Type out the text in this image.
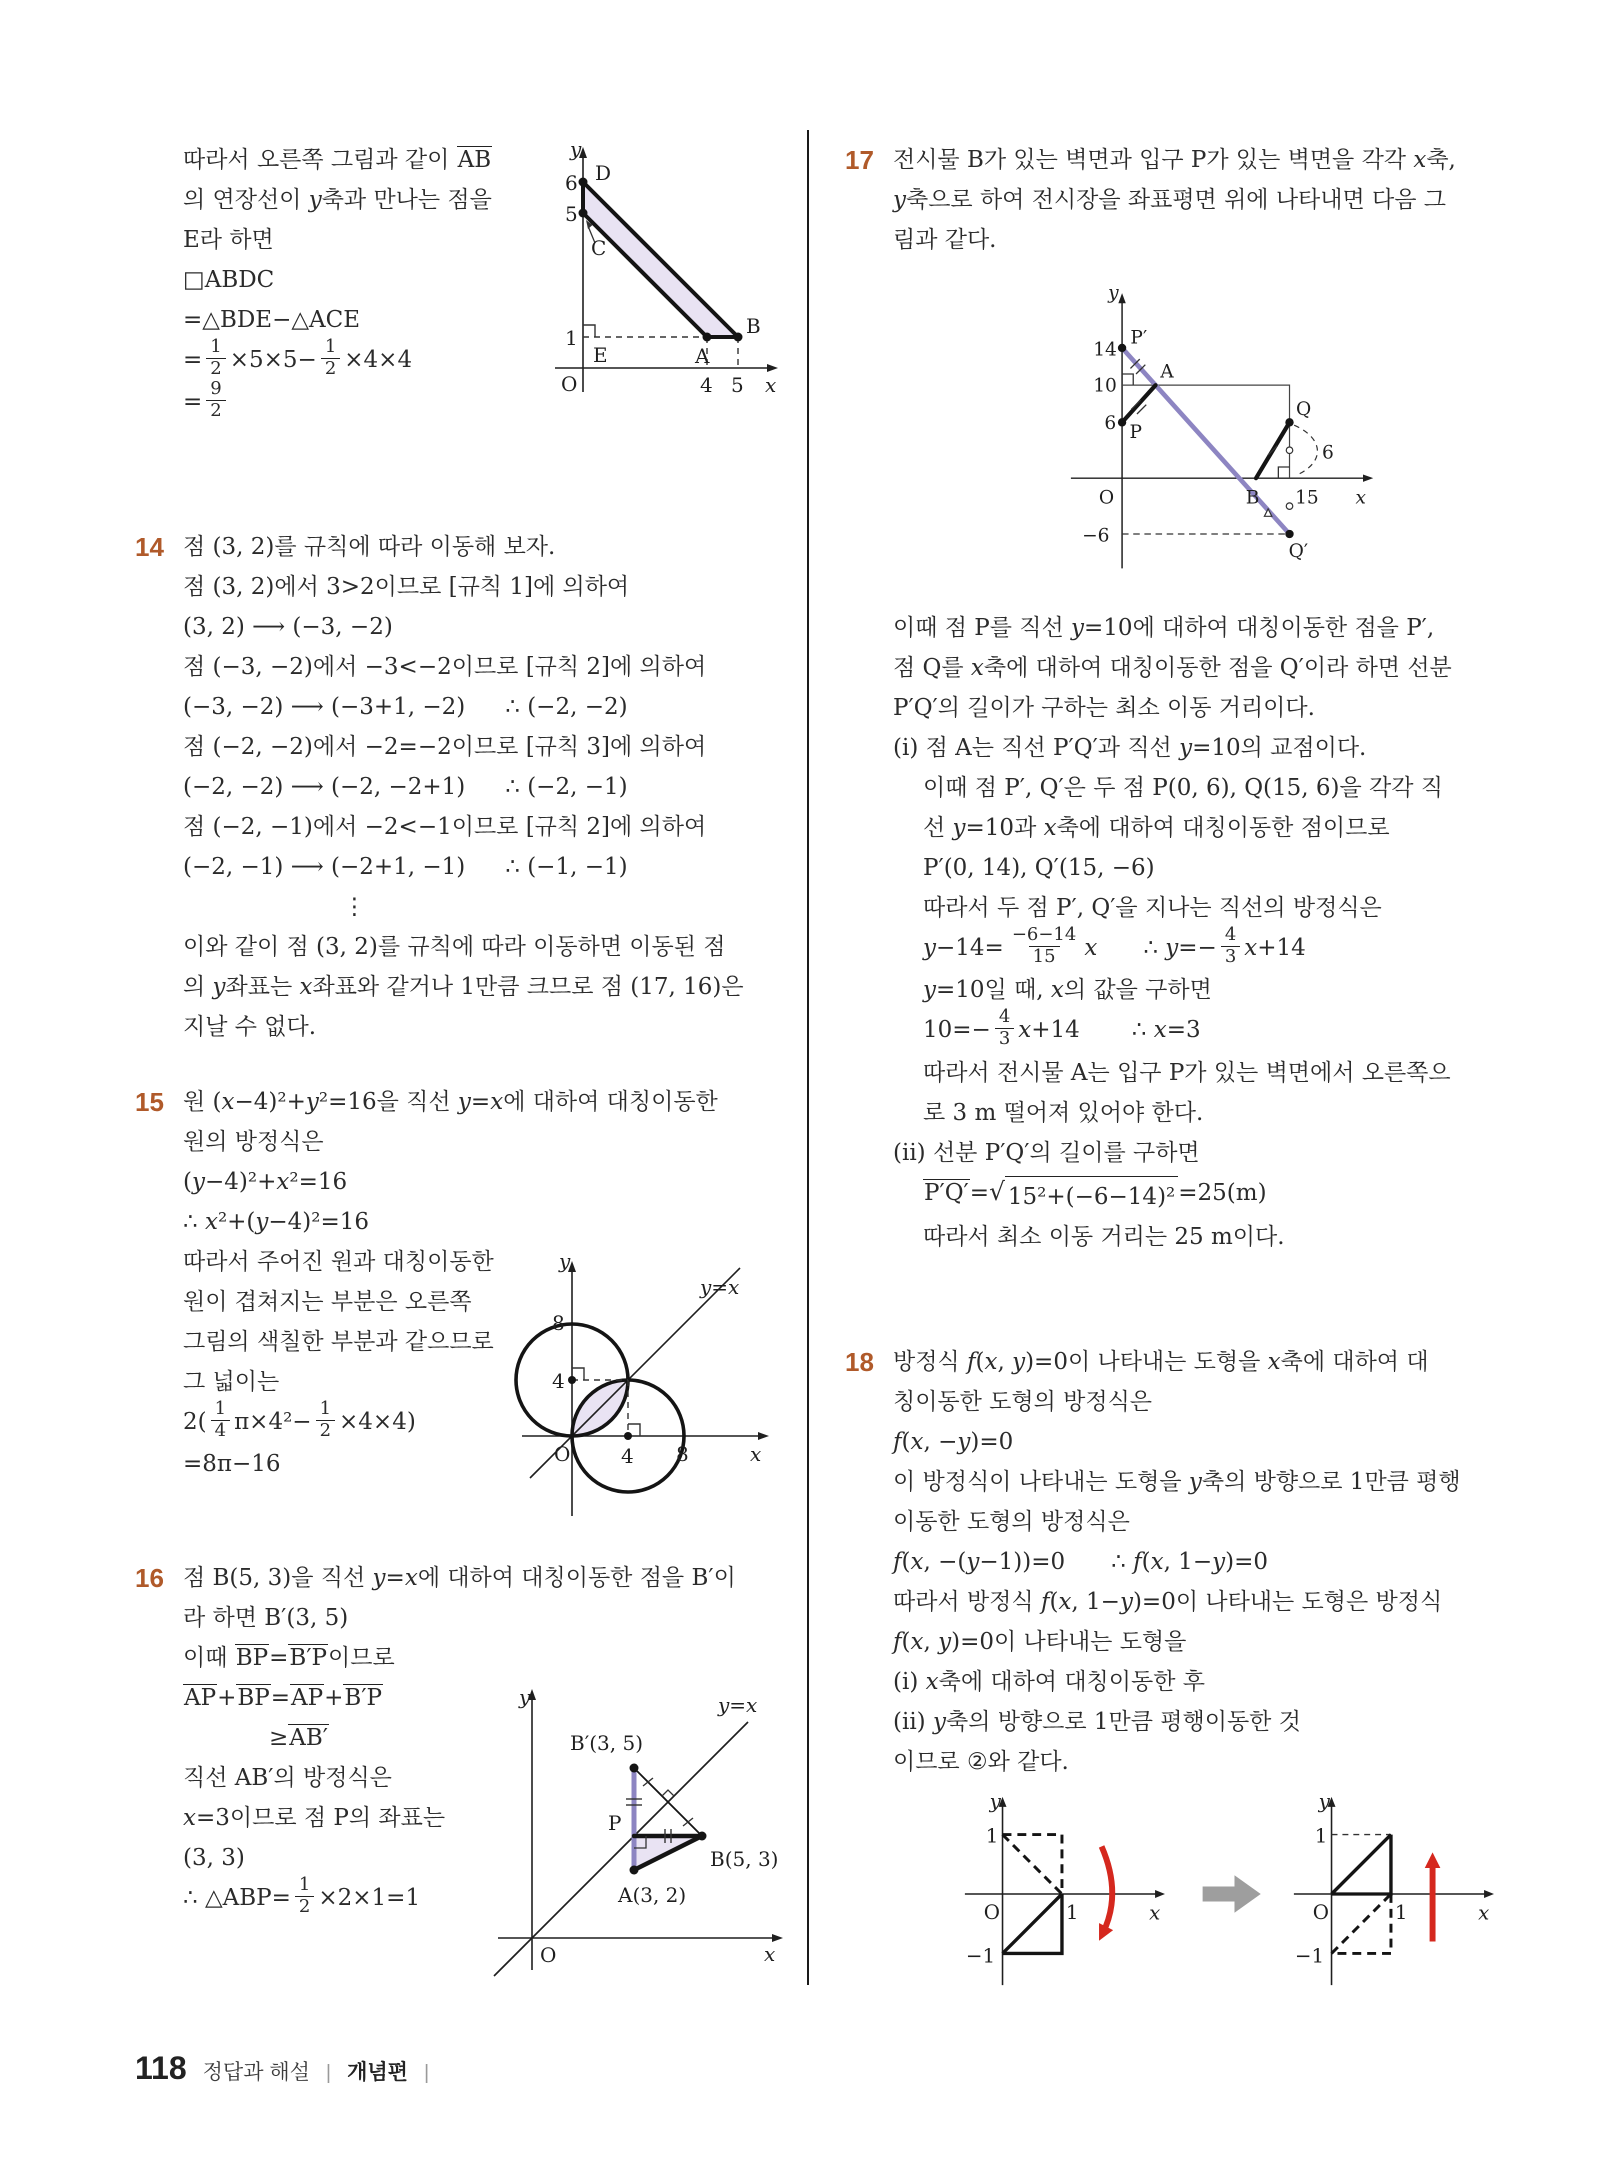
따라서 오른쪽 그림과 같이 AB
의 연장선이 y축과 만나는 점을
E라 하면
□ABDC
=△BDE−△ACE
= $\frac{1}{2} \times 5\times 5- \frac{1}{2} \times 4\times 4$
= $\frac{9}{2}$
y
D
6
5
C
1
E	A
B
O	4 5 x
14 점 (3, 2)를 규칙에 따라 이동해 보자.
점 (3, 2)에서 3>2이므로 [규칙 1]에 의하여
(3, 2) ⟶ (−3, −2)
점 (−3, −2)에서 −3<−2이므로 [규칙 2]에 의하여
(−3, −2) ⟶ (−3+1, −2) ∴ (−2, −2)
점 (−2, −2)에서 −2=−2이므로 [규칙 3]에 의하여
(−2, −2) ⟶ (−2, −2+1) ∴ (−2, −1)
점 (−2, −1)에서 −2<−1이므로 [규칙 2]에 의하여
(−2, −1) ⟶ (−2+1, −1) ∴ (−1, −1)
⋮
이와 같이 점 (3, 2)를 규칙에 따라 이동하면 이동된 점
의 y좌표는 x좌표와 같거나 1만큼 크므로 점 (17, 16)은
지날 수 없다.
15 원 (x−4)²+y²=16을 직선 y=x에 대하여 대칭이동한
원의 방정식은
(y−4)²+x²=16
∴ x²+(y−4)²=16
따라서 주어진 원과 대칭이동한
원이 겹쳐지는 부분은 오른쪽
그림의 색칠한 부분과 같으므로
그 넓이는
$2( \frac{1}{4} \pi\times 4^2- \frac{1}{2} \times 4\times 4)$
=8π−16
y
8
y=x
4
O	4 8	x
16 점 B(5, 3)을 직선 y=x에 대하여 대칭이동한 점을 B′이
라 하면 B′(3, 5)
이때 BP=B′P이므로
AP+BP=AP+B′P
≥AB′
직선 AB′의 방정식은
x=3이므로 점 P의 좌표는
(3, 3)
∴ △ABP= $\frac{1}{2} \times 2\times 1=1$
y	y=x
B′(3, 5)
P
B(5, 3)
A(3, 2)
O	x
17 전시물 B가 있는 벽면과 입구 P가 있는 벽면을 각각 x축,
y축으로 하여 전시장을 좌표평면 위에 나타내면 다음 그
림과 같다.
y
P′
14
10
A
6 P
Q
6
O	B 15 x
−6
Q′
이때 점 P를 직선 y=10에 대하여 대칭이동한 점을 P′,
점 Q를 x축에 대하여 대칭이동한 점을 Q′이라 하면 선분
P′Q′의 길이가 구하는 최소 이동 거리이다.
(i) 점 A는 직선 P′Q′과 직선 y=10의 교점이다.
이때 점 P′, Q′은 두 점 P(0, 6), Q(15, 6)을 각각 직
선 y=10과 x축에 대하여 대칭이동한 점이므로
P′(0, 14), Q′(15, −6)
따라서 두 점 P′, Q′을 지나는 직선의 방정식은
$y-14= \frac{-6-14}{15}$ x ∴ $y=- \frac{4}{3} x+14$
y=10일 때, x의 값을 구하면
$10=- \frac{4}{3} x+14$ ∴ x=3
따라서 전시물 A는 입구 P가 있는 벽면에서 오른쪽으
로 3 m 떨어져 있어야 한다.
(ii) 선분 P′Q′의 길이를 구하면
P′Q′= √ 15²+(−6−14)² =25(m)
따라서 최소 이동 거리는 25 m이다.
18 방정식 f(x, y)=0이 나타내는 도형을 x축에 대하여 대
칭이동한 도형의 방정식은
f(x, −y)=0
이 방정식이 나타내는 도형을 y축의 방향으로 1만큼 평행
이동한 도형의 방정식은
f(x, −(y−1))=0 ∴ f(x, 1−y)=0
따라서 방정식 f(x, 1−y)=0이 나타내는 도형은 방정식
f(x, y)=0이 나타내는 도형을
(i) x축에 대하여 대칭이동한 후
(ii) y축의 방향으로 1만큼 평행이동한 것
이므로 ②와 같다.
y
1
O	1
−1
x
y
1
O	1
−1
x
118 정답과 해설 | 개념편 |
